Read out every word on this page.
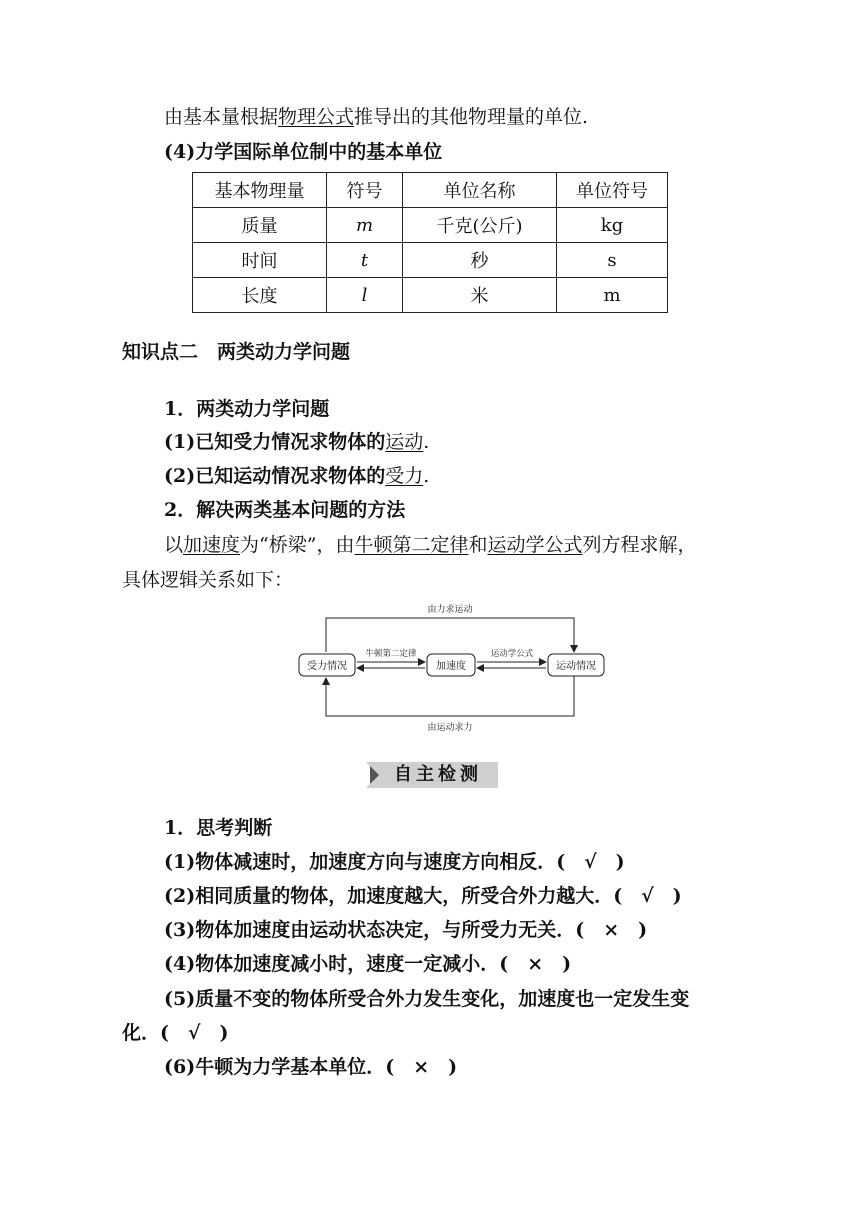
由基本量根据物理公式推导出的其他物理量的单位.
(4)力学国际单位制中的基本单位
基本物理量	符号	单位名称	单位符号
质量	m	千克(公斤)	kg
时间	t	秒	s
长度	l	米	m
知识点二　两类动力学问题
1．两类动力学问题
(1)已知受力情况求物体的运动.
(2)已知运动情况求物体的受力.
2．解决两类基本问题的方法
以加速度为“桥梁”，由牛顿第二定律和运动学公式列方程求解，
具体逻辑关系如下：
由力求运动
由运动求力
受力情况	加速度	运动情况
牛顿第二定律	运动学公式
自主检测
1．思考判断
(1)物体减速时，加速度方向与速度方向相反．(　√　)
(2)相同质量的物体，加速度越大，所受合外力越大．(　√　)
(3)物体加速度由运动状态决定，与所受力无关．(　×　)
(4)物体加速度减小时，速度一定减小．(　×　)
(5)质量不变的物体所受合外力发生变化，加速度也一定发生变
化．(　√　)
(6)牛顿为力学基本单位．(　×　)
